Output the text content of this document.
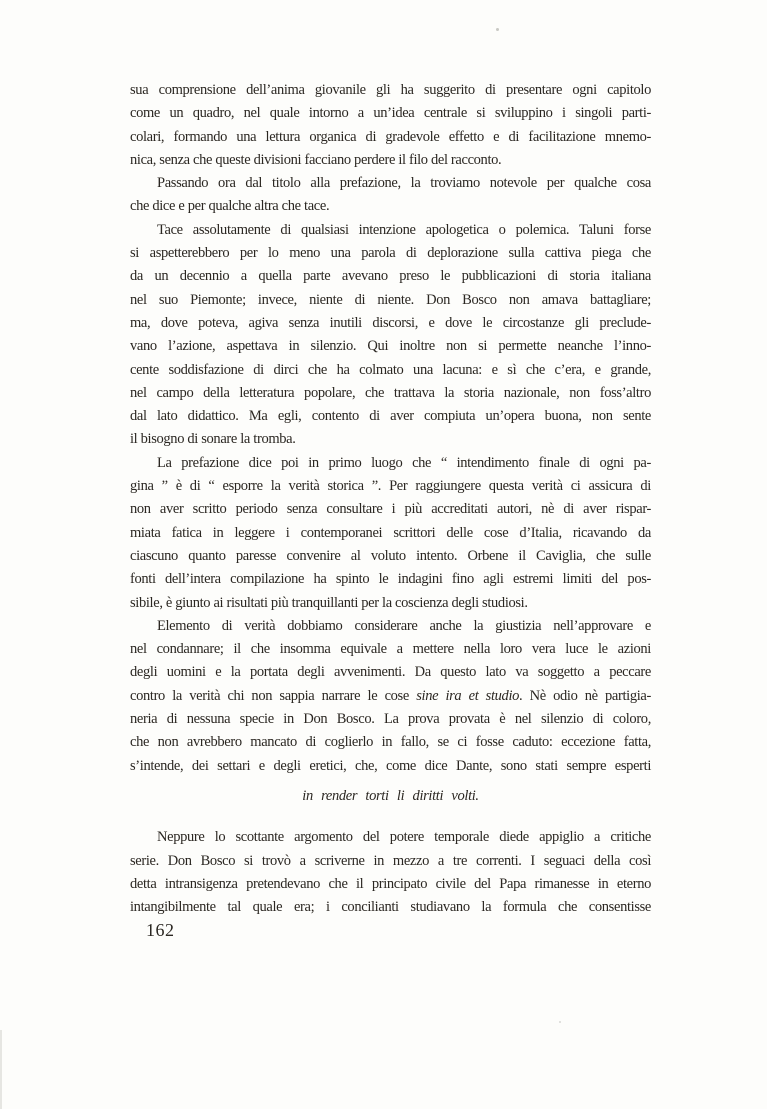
sua comprensione dell’anima giovanile gli ha suggerito di presentare ogni capitolo
come un quadro, nel quale intorno a un’idea centrale si sviluppino i singoli parti-
colari, formando una lettura organica di gradevole effetto e di facilitazione mnemo-
nica, senza che queste divisioni facciano perdere il filo del racconto.

Passando ora dal titolo alla prefazione, la troviamo notevole per qualche cosa
che dice e per qualche altra che tace.

Tace assolutamente di qualsiasi intenzione apologetica o polemica. Taluni forse
si aspetterebbero per lo meno una parola di deplorazione sulla cattiva piega che
da un decennio a quella parte avevano preso le pubblicazioni di storia italiana
nel suo Piemonte; invece, niente di niente. Don Bosco non amava battagliare;
ma, dove poteva, agiva senza inutili discorsi, e dove le circostanze gli preclude-
vano l’azione, aspettava in silenzio. Qui inoltre non si permette neanche l’inno-
cente soddisfazione di dirci che ha colmato una lacuna: e sì che c’era, e grande,
nel campo della letteratura popolare, che trattava la storia nazionale, non foss’altro
dal lato didattico. Ma egli, contento di aver compiuta un’opera buona, non sente
il bisogno di sonare la tromba.

La prefazione dice poi in primo luogo che “ intendimento finale di ogni pa-
gina ” è di “ esporre la verità storica ”. Per raggiungere questa verità ci assicura di
non aver scritto periodo senza consultare i più accreditati autori, nè di aver rispar-
miata fatica in leggere i contemporanei scrittori delle cose d’Italia, ricavando da
ciascuno quanto paresse convenire al voluto intento. Orbene il Caviglia, che sulle
fonti dell’intera compilazione ha spinto le indagini fino agli estremi limiti del pos-
sibile, è giunto ai risultati più tranquillanti per la coscienza degli studiosi.

Elemento di verità dobbiamo considerare anche la giustizia nell’approvare e
nel condannare; il che insomma equivale a mettere nella loro vera luce le azioni
degli uomini e la portata degli avvenimenti. Da questo lato va soggetto a peccare
contro la verità chi non sappia narrare le cose sine ira et studio. Nè odio nè partigia-
neria di nessuna specie in Don Bosco. La prova provata è nel silenzio di coloro,
che non avrebbero mancato di coglierlo in fallo, se ci fosse caduto: eccezione fatta,
s’intende, dei settari e degli eretici, che, come dice Dante, sono stati sempre esperti

in render torti li diritti volti.

Neppure lo scottante argomento del potere temporale diede appiglio a critiche
serie. Don Bosco si trovò a scriverne in mezzo a tre correnti. I seguaci della così
detta intransigenza pretendevano che il principato civile del Papa rimanesse in eterno
intangibilmente tal quale era; i concilianti studiavano la formula che consentisse

162
